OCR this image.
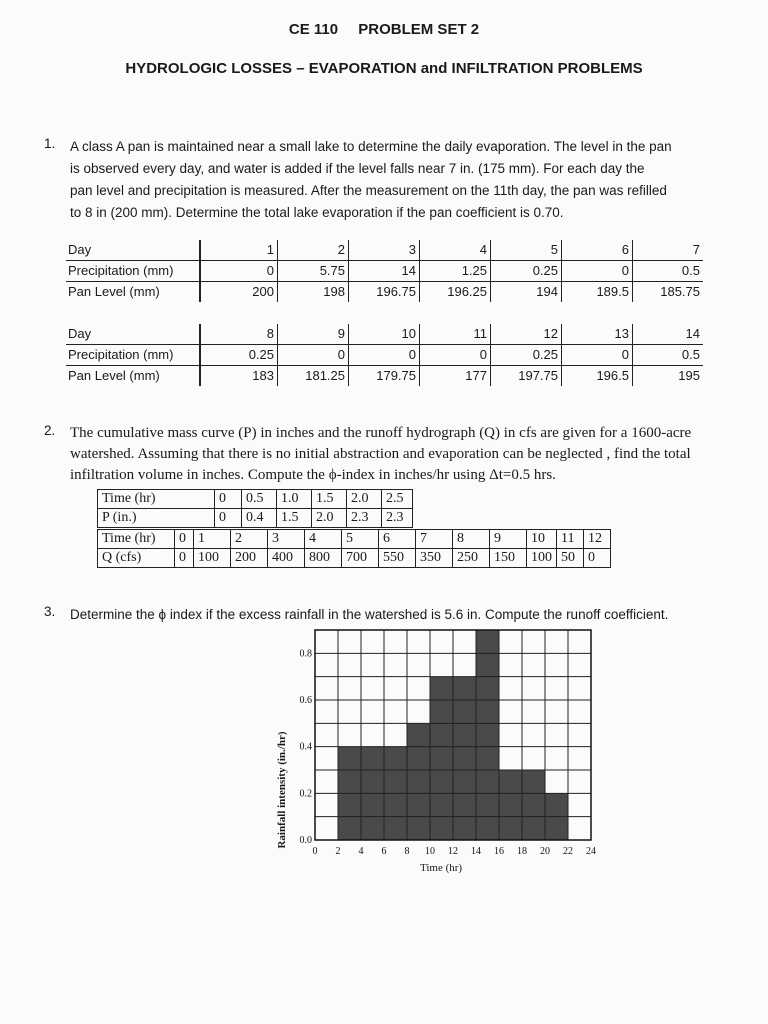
CE 110 PROBLEM SET 2
HYDROLOGIC LOSSES – EVAPORATION and INFILTRATION PROBLEMS
1. A class A pan is maintained near a small lake to determine the daily evaporation. The level in the pan
is observed every day, and water is added if the level falls near 7 in. (175 mm). For each day the
pan level and precipitation is measured. After the measurement on the 11th day, the pan was refilled
to 8 in (200 mm). Determine the total lake evaporation if the pan coefficient is 0.70.
Day	1	2	3	4	5	6	7
Precipitation (mm)	0	5.75	14	1.25	0.25	0	0.5
Pan Level (mm)	200	198	196.75	196.25	194	189.5	185.75
Day	8	9	10	11	12	13	14
Precipitation (mm)	0.25	0	0	0	0.25	0	0.5
Pan Level (mm)	183	181.25	179.75	177	197.75	196.5	195
2. The cumulative mass curve (P) in inches and the runoff hydrograph (Q) in cfs are given for a 1600-acre
watershed. Assuming that there is no initial abstraction and evaporation can be neglected , find the total
infiltration volume in inches. Compute the ϕ-index in inches/hr using Δt=0.5 hrs.
Time (hr)	0	0.5	1.0	1.5	2.0	2.5
P (in.)	0	0.4	1.5	2.0	2.3	2.3
Time (hr)	0	1	2	3	4	5	6	7	8	9	10	11	12
Q (cfs)	0	100	200	400	800	700	550	350	250	150	100	50	0
3. Determine the ϕ index if the excess rainfall in the watershed is 5.6 in. Compute the runoff coefficient.
Rainfall intensity (in./hr)
0 2 4 6 8 10 12 14 16 18 20 22 24
0.0
0.2
0.4
0.6
0.8
Time (hr)
